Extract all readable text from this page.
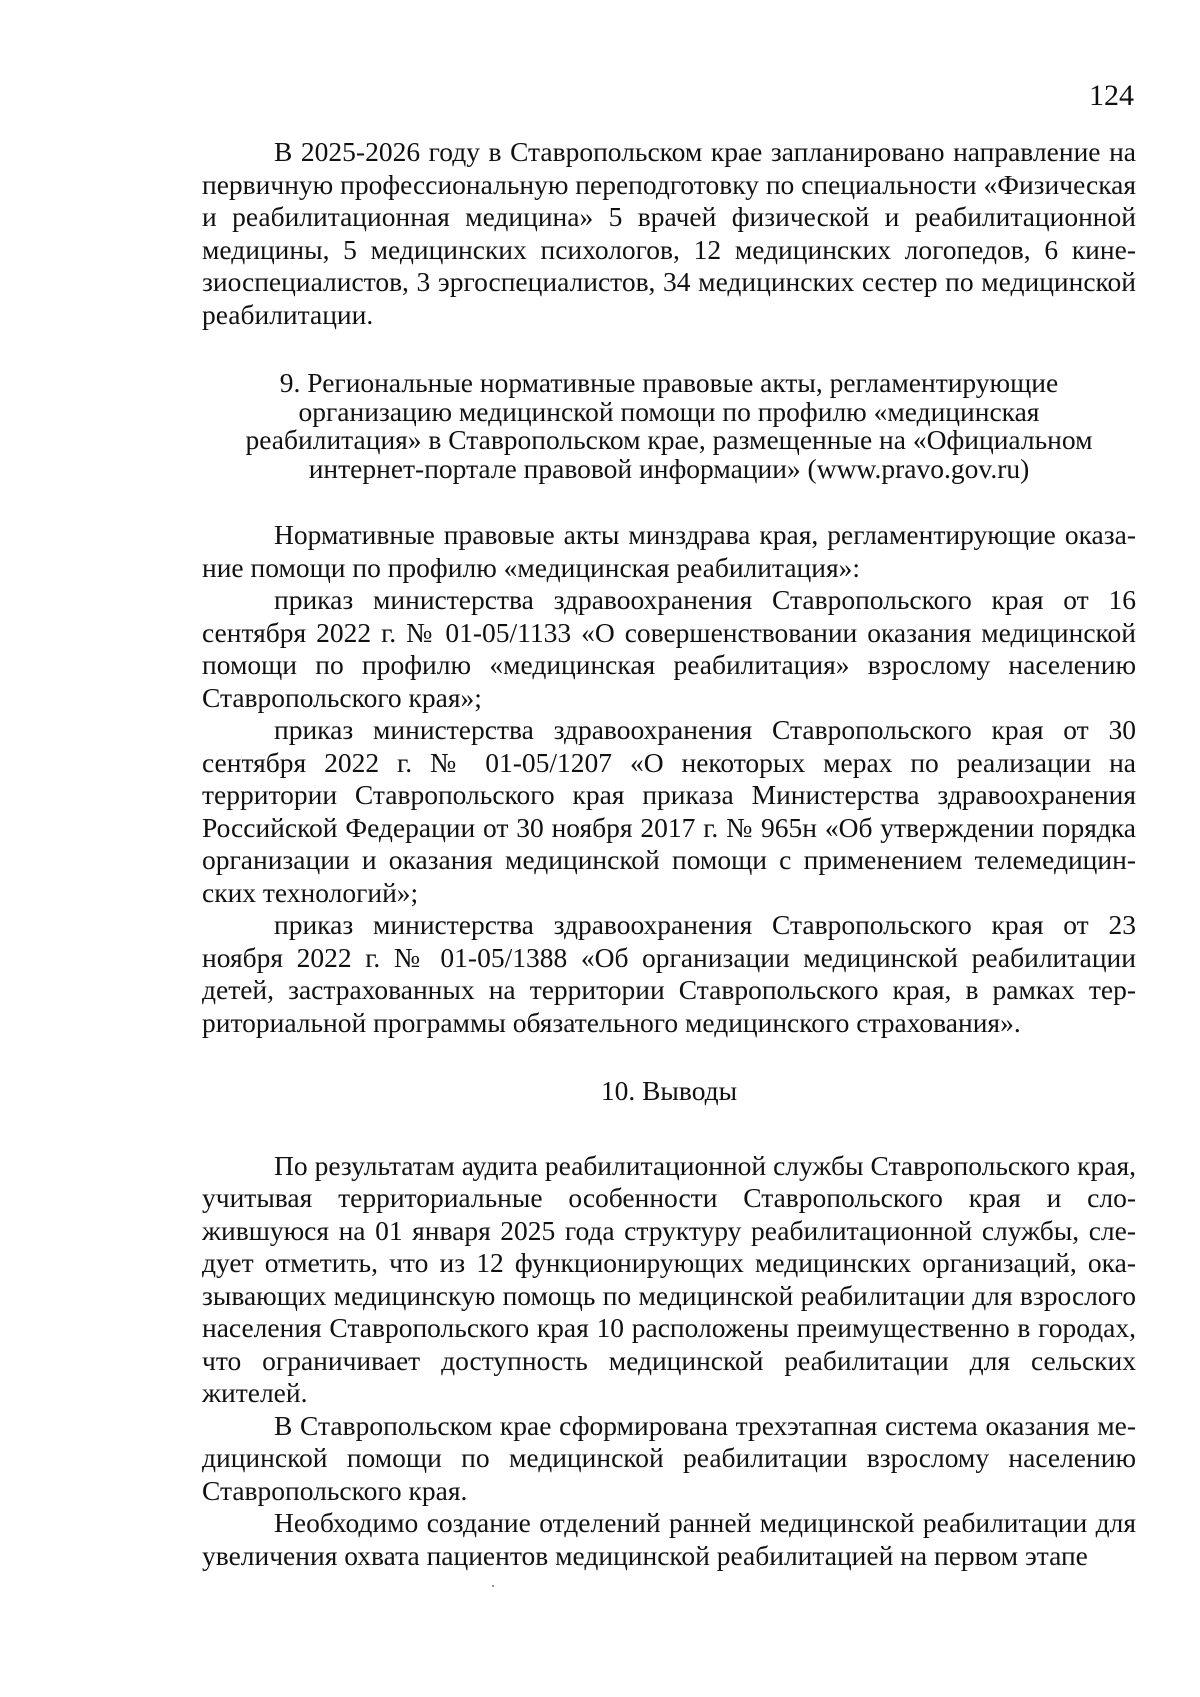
124

В 2025-2026 году в Ставропольском крае запланировано направление на первичную профессиональную переподготовку по специальности «Физическая и реабилитационная медицина» 5 врачей физической и реабилитационной медицины, 5 медицинских психологов, 12 медицинских логопедов, 6 кинезиоспециалистов, 3 эргоспециалистов, 34 медицинских сестер по медицинской реабилитации.

9. Региональные нормативные правовые акты, регламентирующие

организацию медицинской помощи по профилю «медицинская

реабилитация» в Ставропольском крае, размещенные на «Официальном

интернет-портале правовой информации» (www.pravo.gov.ru)

Нормативные правовые акты минздрава края, регламентирующие оказание помощи по профилю «медицинская реабилитация»:

приказ министерства здравоохранения Ставропольского края от 16 сентября 2022 г. № 01-05/1133 «О совершенствовании оказания медицинской помощи по профилю «медицинская реабилитация» взрослому населению Ставропольского края»;

приказ министерства здравоохранения Ставропольского края от 30 сентября 2022 г. № 01-05/1207 «О некоторых мерах по реализации на территории Ставропольского края приказа Министерства здравоохранения Российской Федерации от 30 ноября 2017 г. № 965н «Об утверждении порядка организации и оказания медицинской помощи с применением телемедицинских технологий»;

приказ министерства здравоохранения Ставропольского края от 23 ноября 2022 г. № 01-05/1388 «Об организации медицинской реабилитации детей, застрахованных на территории Ставропольского края, в рамках территориальной программы обязательного медицинского страхования».

10. Выводы

По результатам аудита реабилитационной службы Ставропольского края, учитывая территориальные особенности Ставропольского края и сложившуюся на 01 января 2025 года структуру реабилитационной службы, следует отметить, что из 12 функционирующих медицинских организаций, оказывающих медицинскую помощь по медицинской реабилитации для взрослого населения Ставропольского края 10 расположены преимущественно в городах, что ограничивает доступность медицинской реабилитации для сельских жителей.

В Ставропольском крае сформирована трехэтапная система оказания медицинской помощи по медицинской реабилитации взрослому населению Ставропольского края.

Необходимо создание отделений ранней медицинской реабилитации для увеличения охвата пациентов медицинской реабилитацией на первом этапе
